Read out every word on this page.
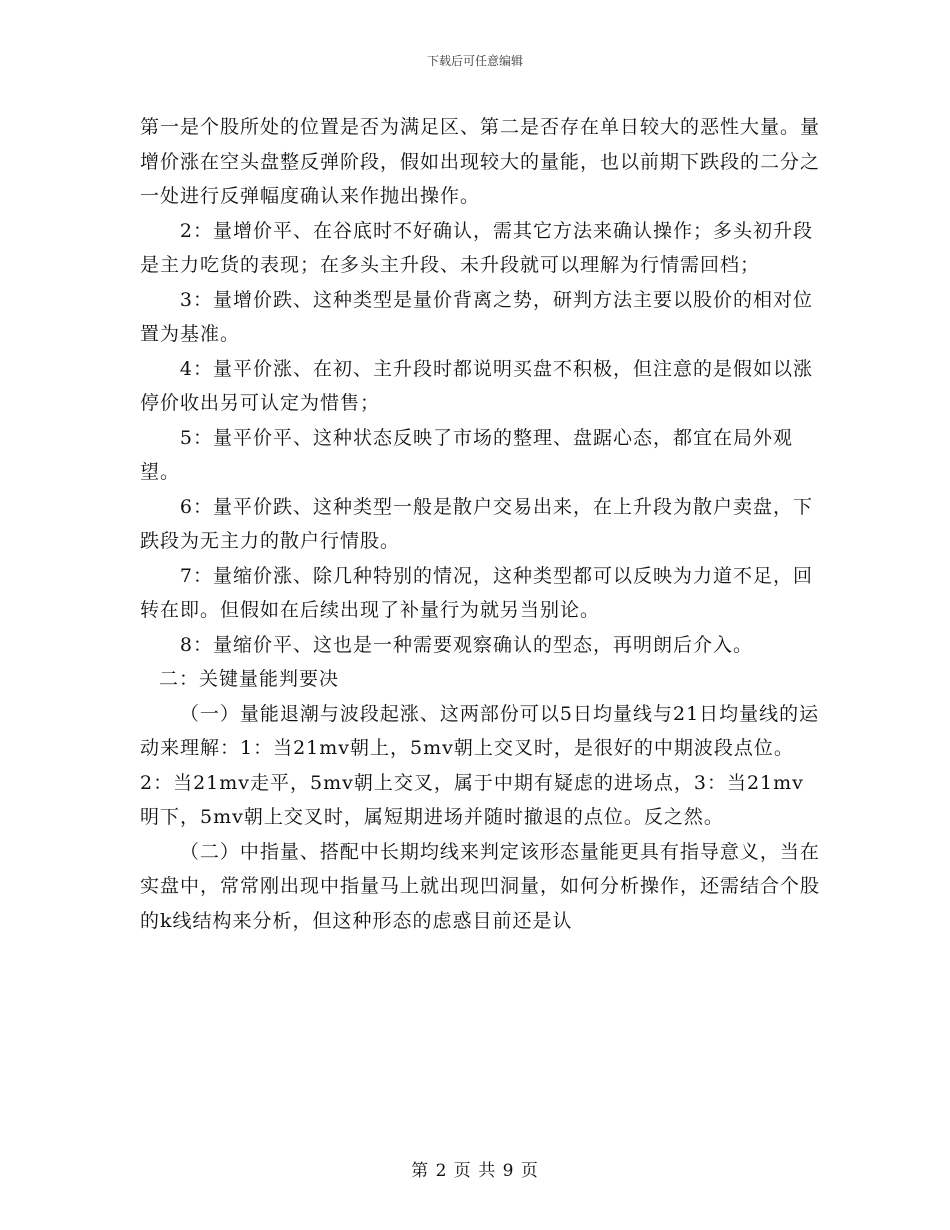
下载后可任意编辑

第一是个股所处的位置是否为满足区、第二是否存在单日较大的恶性大量。量增价涨在空头盘整反弹阶段，假如出现较大的量能，也以前期下跌段的二分之一处进行反弹幅度确认来作抛出操作。

2：量增价平、在谷底时不好确认，需其它方法来确认操作；多头初升段是主力吃货的表现；在多头主升段、未升段就可以理解为行情需回档；

3：量增价跌、这种类型是量价背离之势，研判方法主要以股价的相对位置为基准。

4：量平价涨、在初、主升段时都说明买盘不积极，但注意的是假如以涨停价收出另可认定为惜售；

5：量平价平、这种状态反映了市场的整理、盘踞心态，都宜在局外观望。

6：量平价跌、这种类型一般是散户交易出来，在上升段为散户卖盘，下跌段为无主力的散户行情股。

7：量缩价涨、除几种特别的情况，这种类型都可以反映为力道不足，回转在即。但假如在后续出现了补量行为就另当别论。

8：量缩价平、这也是一种需要观察确认的型态，再明朗后介入。

二：关键量能判要决

（一）量能退潮与波段起涨、这两部份可以5日均量线与21日均量线的运动来理解：1：当21mv朝上，5mv朝上交叉时，是很好的中期波段点位。2：当21mv走平，5mv朝上交叉，属于中期有疑虑的进场点，3：当21mv明下，5mv朝上交叉时，属短期进场并随时撤退的点位。反之然。

（二）中指量、搭配中长期均线来判定该形态量能更具有指导意义，当在实盘中，常常刚出现中指量马上就出现凹洞量，如何分析操作，还需结合个股的k线结构来分析，但这种形态的虑惑目前还是认

第 2 页 共 9 页
